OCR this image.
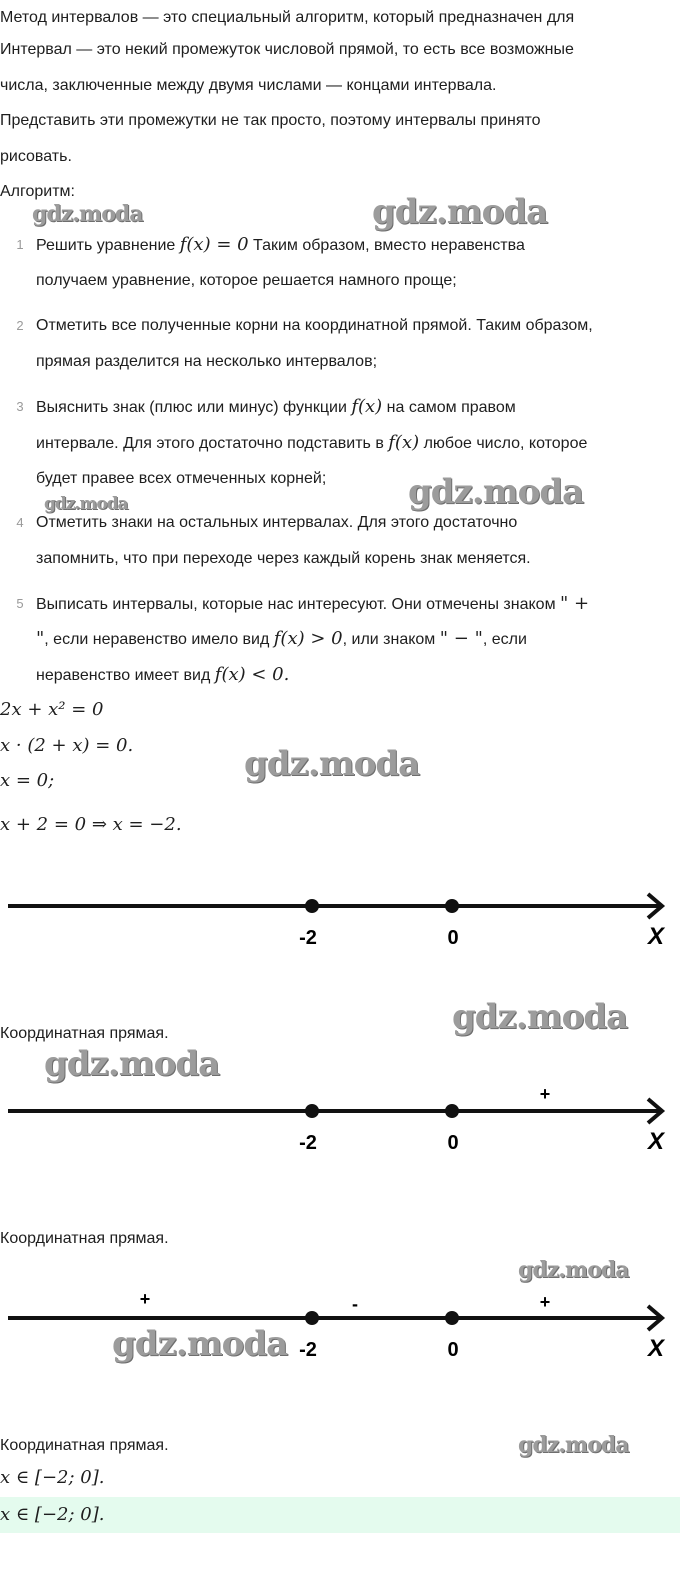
Метод интервалов — это специальный алгоритм, который предназначен для
Интервал — это некий промежуток числовой прямой, то есть все возможные
числа, заключенные между двумя числами — концами интервала.
Представить эти промежутки не так просто, поэтому интервалы принято
рисовать.
Алгоритм:
1 Решить уравнение f(x) = 0 Таким образом, вместо неравенства
получаем уравнение, которое решается намного проще;
2 Отметить все полученные корни на координатной прямой. Таким образом,
прямая разделится на несколько интервалов;
3 Выяснить знак (плюс или минус) функции f(x) на самом правом
интервале. Для этого достаточно подставить в f(x) любое число, которое
будет правее всех отмеченных корней;
4 Отметить знаки на остальных интервалах. Для этого достаточно
запомнить, что при переходе через каждый корень знак меняется.
5 Выписать интервалы, которые нас интересуют. Они отмечены знаком " +
", если неравенство имело вид f(x) > 0, или знаком " − ", если
неравенство имеет вид f(x) < 0.
2x + x² = 0
x · (2 + x) = 0.
x = 0;
x + 2 = 0 ⇒ x = −2.
-2	0	X
Координатная прямая.
+
-2	0	X
Координатная прямая.
+	-	+
-2	0	X
Координатная прямая.
x ∈ [−2; 0].
x ∈ [−2; 0].
gdz.moda	gdz.moda
gdz.moda	gdz.moda
gdz.moda
gdz.moda
gdz.moda
gdz.moda
gdz.moda
gdz.moda
